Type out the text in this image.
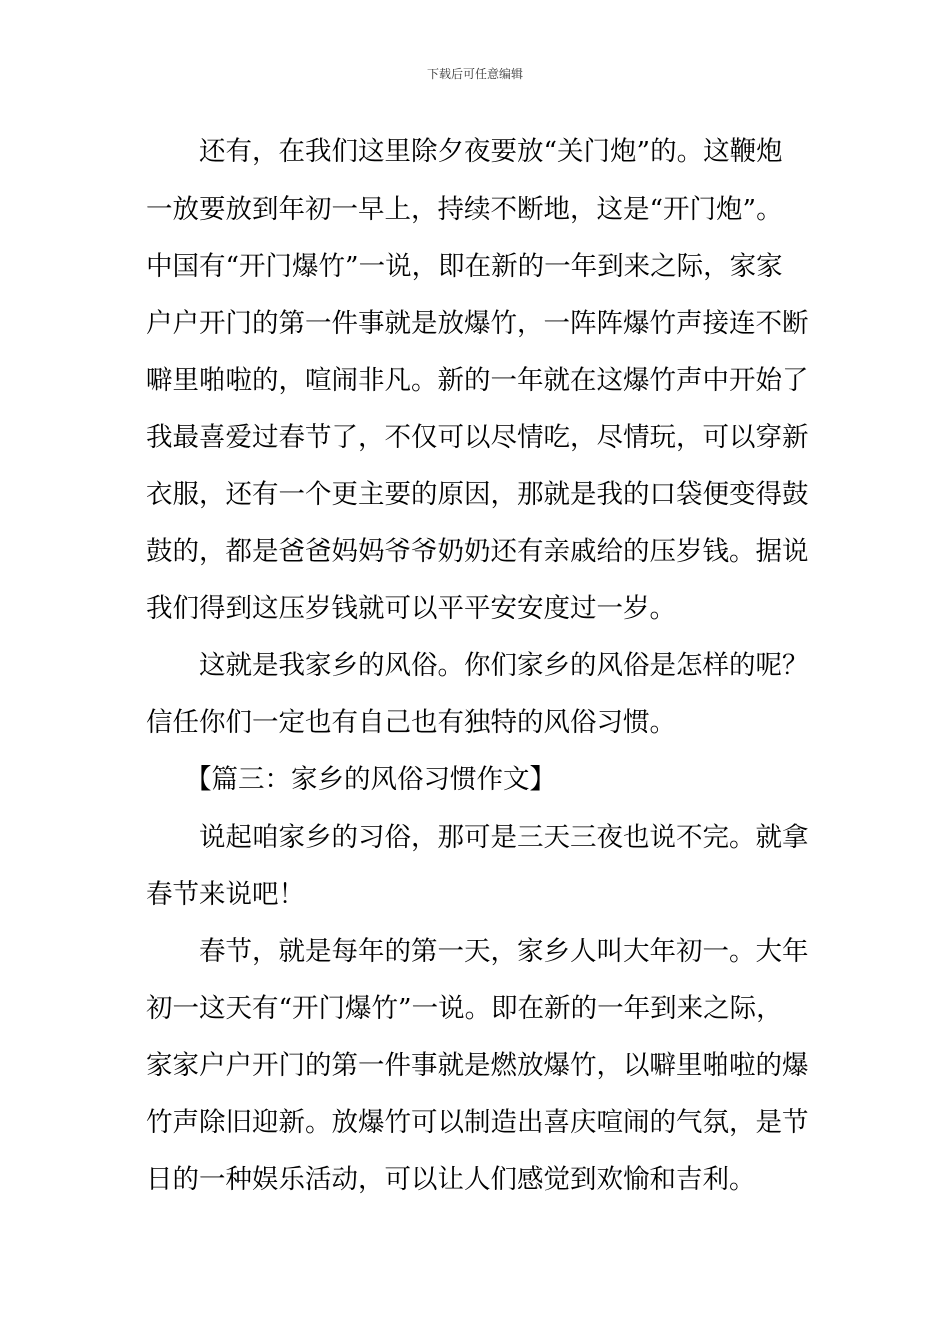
下载后可任意编辑
还有，在我们这里除夕夜要放“关门炮”的。这鞭炮
一放要放到年初一早上，持续不断地，这是“开门炮”。
中国有“开门爆竹”一说，即在新的一年到来之际，家家
户户开门的第一件事就是放爆竹，一阵阵爆竹声接连不断
噼里啪啦的，喧闹非凡。新的一年就在这爆竹声中开始了
我最喜爱过春节了，不仅可以尽情吃，尽情玩，可以穿新
衣服，还有一个更主要的原因，那就是我的口袋便变得鼓
鼓的，都是爸爸妈妈爷爷奶奶还有亲戚给的压岁钱。据说
我们得到这压岁钱就可以平平安安度过一岁。
这就是我家乡的风俗。你们家乡的风俗是怎样的呢？
信任你们一定也有自己也有独特的风俗习惯。
【篇三：家乡的风俗习惯作文】
说起咱家乡的习俗，那可是三天三夜也说不完。就拿
春节来说吧！
春节，就是每年的第一天，家乡人叫大年初一。大年
初一这天有“开门爆竹”一说。即在新的一年到来之际，
家家户户开门的第一件事就是燃放爆竹，以噼里啪啦的爆
竹声除旧迎新。放爆竹可以制造出喜庆喧闹的气氛，是节
日的一种娱乐活动，可以让人们感觉到欢愉和吉利。
